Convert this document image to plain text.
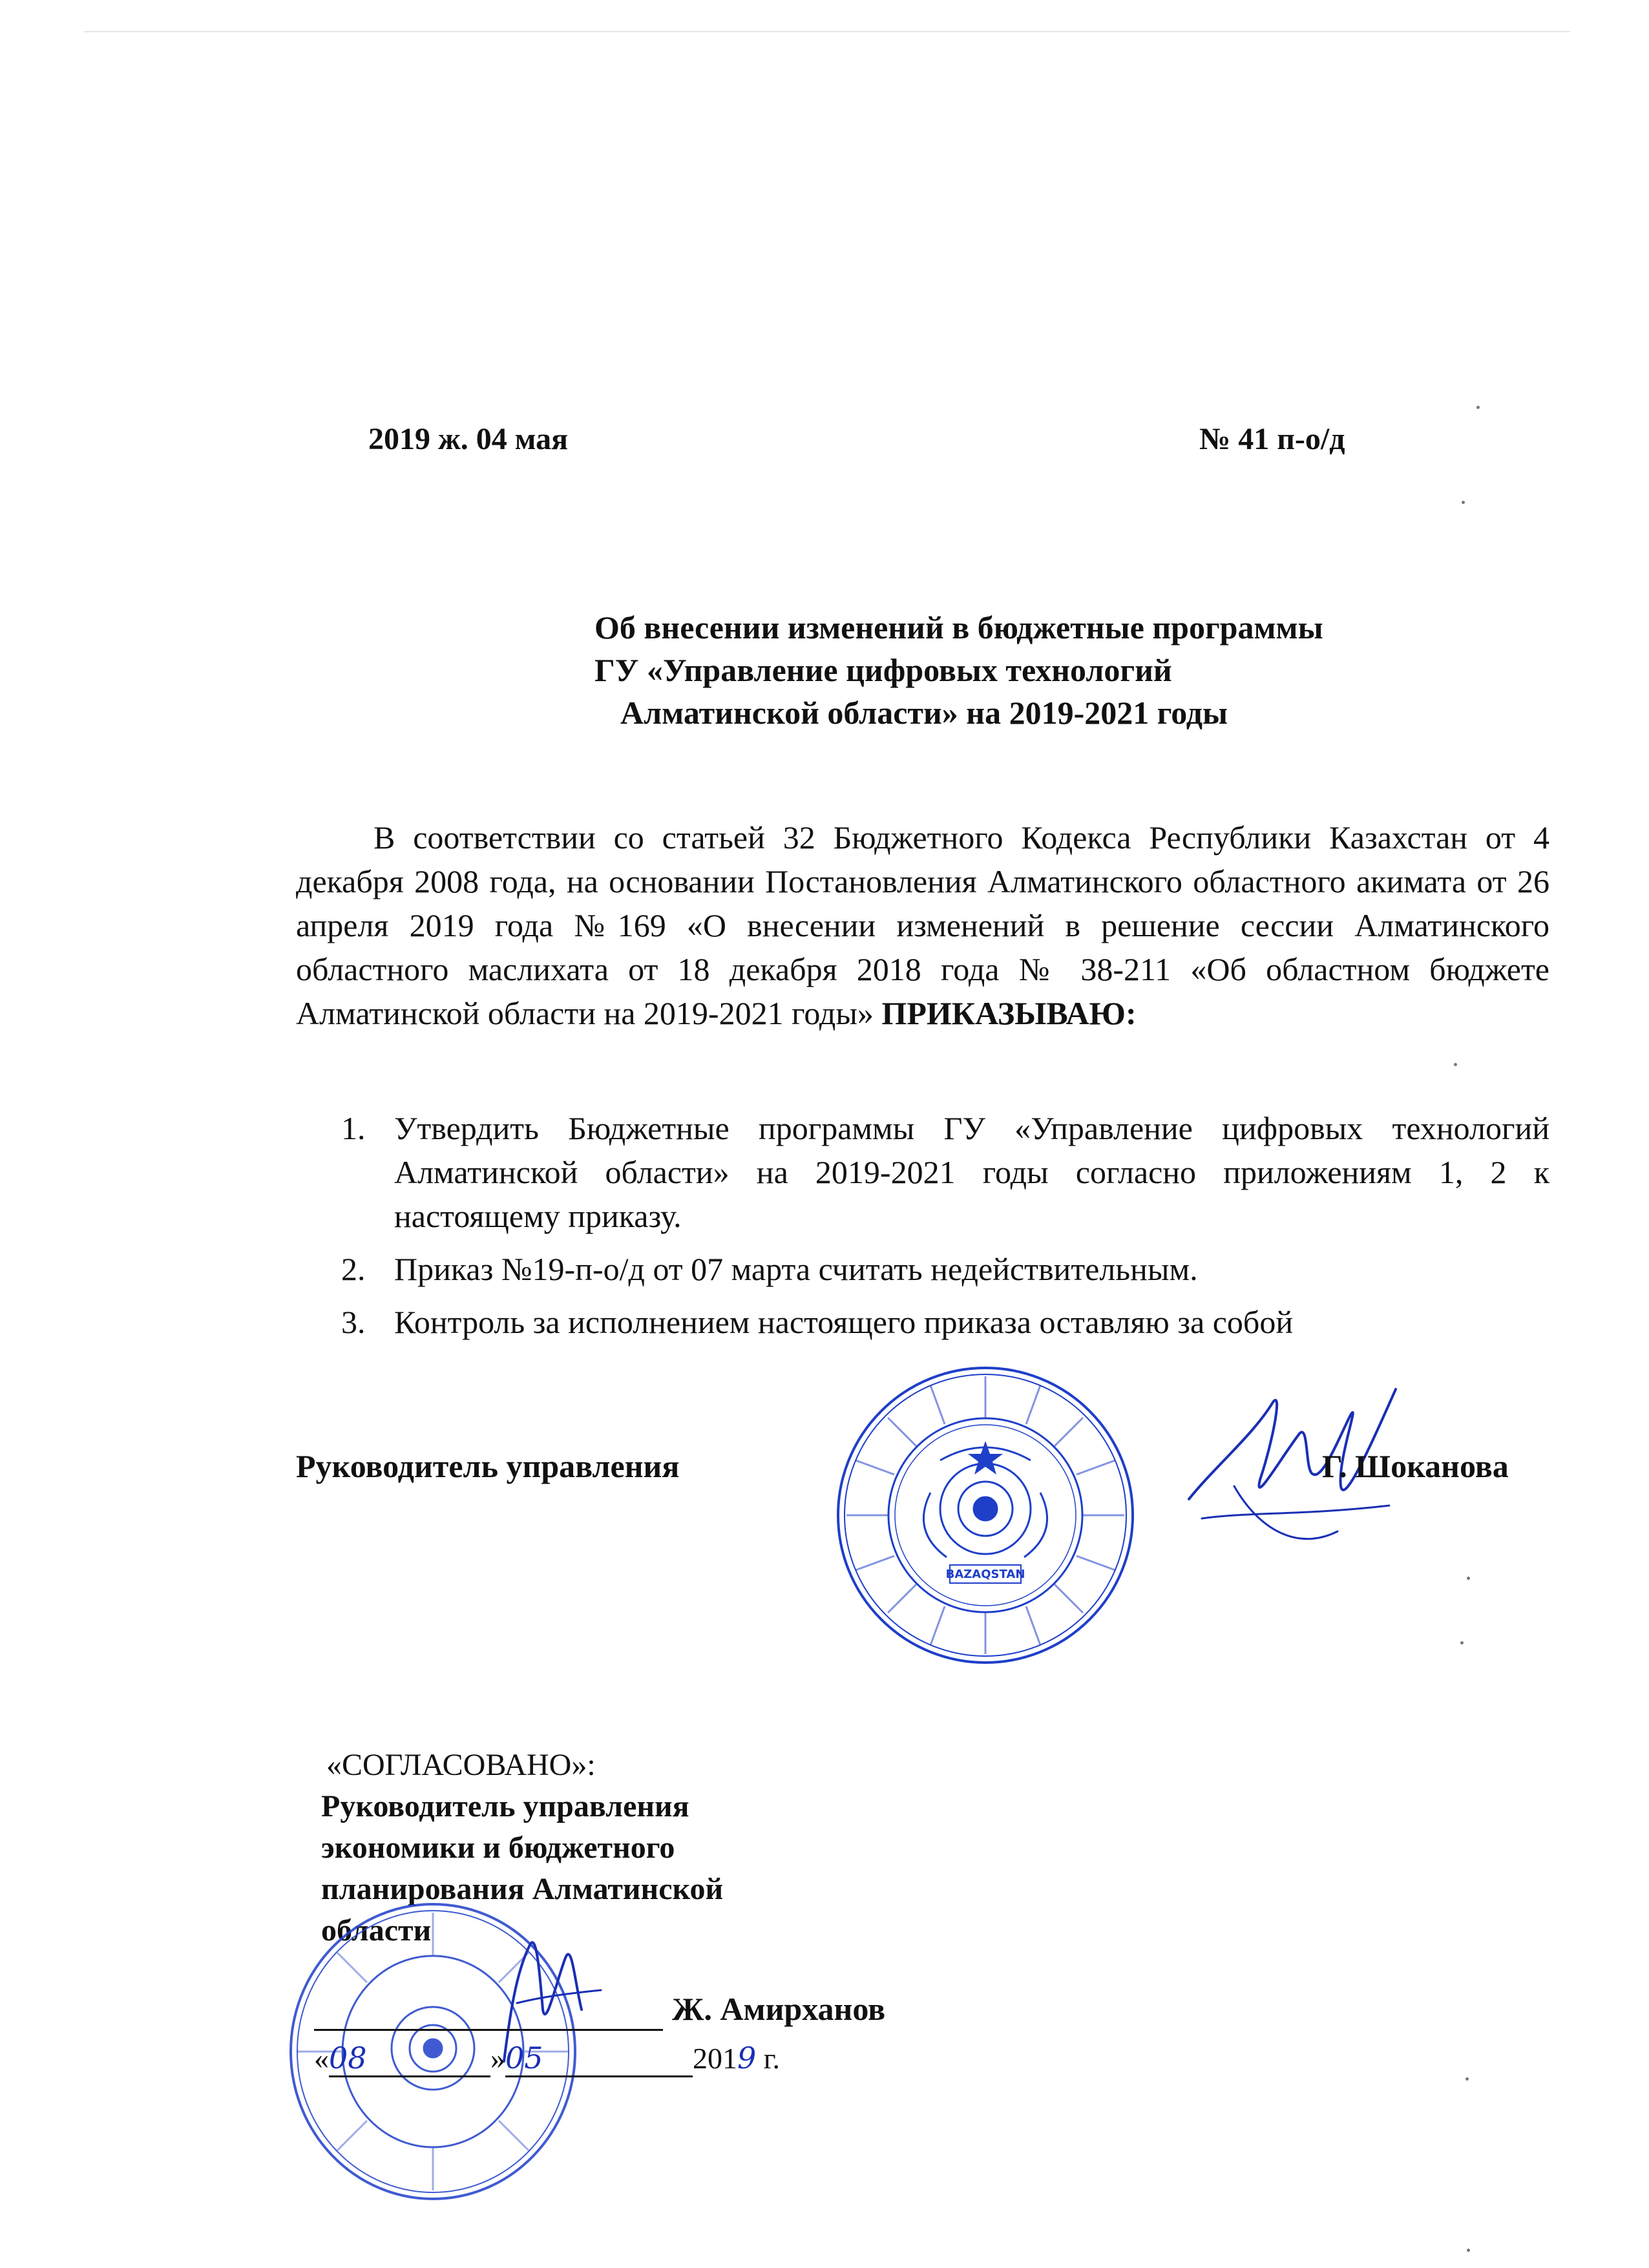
2019 ж. 04 мая	№ 41 п-о/д
Об внесении изменений в бюджетные программы
ГУ «Управление цифровых технологий
Алматинской области» на 2019-2021 годы
В соответствии со статьей 32 Бюджетного Кодекса Республики Казахстан от 4 декабря 2008 года, на основании Постановления Алматинского областного акимата от 26 апреля 2019 года №169 «О внесении изменений в решение сессии Алматинского областного маслихата от 18 декабря 2018 года № 38-211 «Об областном бюджете Алматинской области на 2019-2021 годы» ПРИКАЗЫВАЮ:
1. Утвердить Бюджетные программы ГУ «Управление цифровых технологий Алматинской области» на 2019-2021 годы согласно приложениям 1, 2 к настоящему приказу.
2. Приказ №19-п-о/д от 07 марта считать недействительным.
3. Контроль за исполнением настоящего приказа оставляю за собой
Руководитель управления
BAZAQSTAN
Г. Шоканова
«СОГЛАСОВАНО»:
Руководитель управления
экономики и бюджетного
планирования Алматинской
области
Ж. Амирханов
«08	»05	2019 г.
